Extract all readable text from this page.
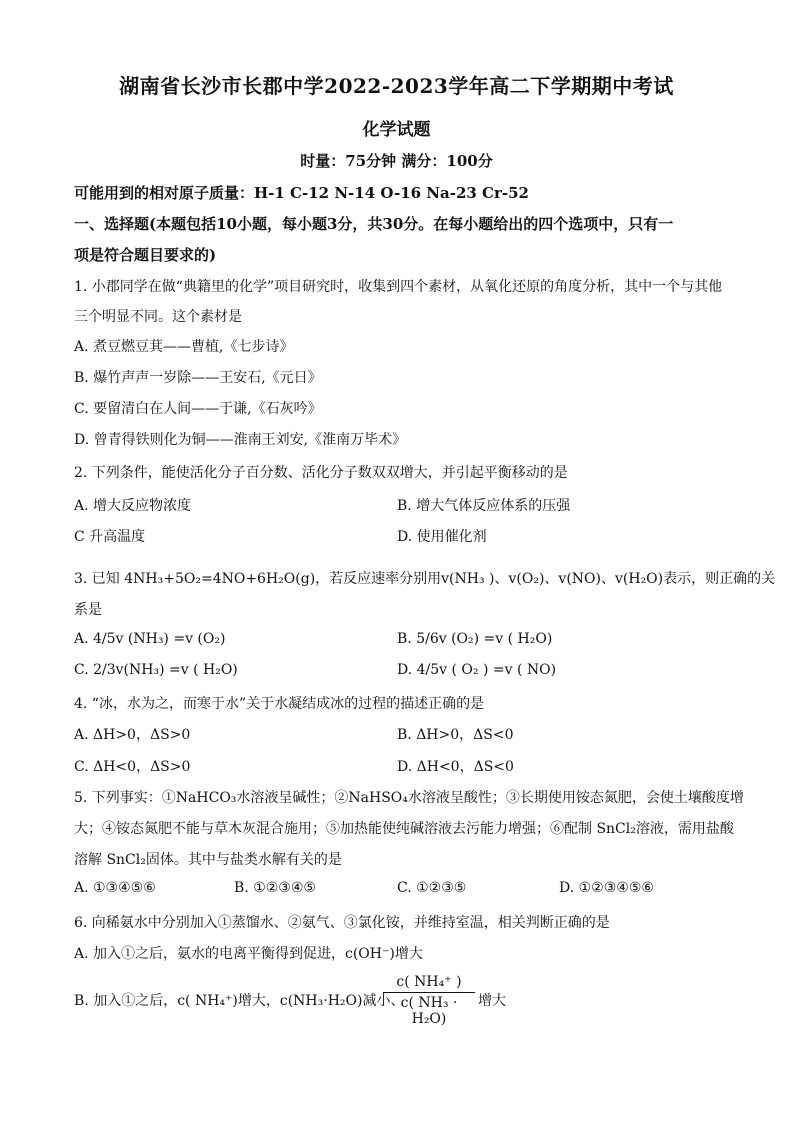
湖南省长沙市长郡中学2022-2023学年高二下学期期中考试
化学试题
时量：75分钟 满分：100分
可能用到的相对原子质量：H-1 C-12 N-14 O-16 Na-23 Cr-52
一、选择题(本题包括10小题，每小题3分，共30分。在每小题给出的四个选项中，只有一
项是符合题目要求的)
1. 小郡同学在做“典籍里的化学”项目研究时，收集到四个素材，从氧化还原的角度分析，其中一个与其他
三个明显不同。这个素材是
A. 煮豆燃豆萁——曹植,《七步诗》
B. 爆竹声声一岁除——王安石,《元日》
C. 要留清白在人间——于谦,《石灰吟》
D. 曾青得铁则化为铜——淮南王刘安,《淮南万毕术》
2. 下列条件，能使活化分子百分数、活化分子数双双增大，并引起平衡移动的是
A. 增大反应物浓度	B. 增大气体反应体系的压强
C 升高温度	D. 使用催化剂
3. 已知 4NH₃+5O₂=4NO+6H₂O(g)，若反应速率分别用v(NH₃ )、v(O₂)、v(NO)、v(H₂O)表示，则正确的关
系是
A. 4/5v (NH₃) =v (O₂)	B. 5/6v (O₂) =v ( H₂O)
C. 2/3v(NH₃) =v ( H₂O)	D. 4/5v ( O₂ ) =v ( NO)
4. “冰，水为之，而寒于水”关于水凝结成冰的过程的描述正确的是
A. ΔH>0，ΔS>0	B. ΔH>0，ΔS<0
C. ΔH<0，ΔS>0	D. ΔH<0，ΔS<0
5. 下列事实：①NaHCO₃水溶液呈碱性；②NaHSO₄水溶液呈酸性；③长期使用铵态氮肥，会使土壤酸度增
大；④铵态氮肥不能与草木灰混合施用；⑤加热能使纯碱溶液去污能力增强；⑥配制 SnCl₂溶液，需用盐酸
溶解 SnCl₂固体。其中与盐类水解有关的是
A. ①③④⑤⑥	B. ①②③④⑤	C. ①②③⑤	D. ①②③④⑤⑥
6. 向稀氨水中分别加入①蒸馏水、②氨气、③氯化铵，并维持室温，相关判断正确的是
A. 加入①之后，氨水的电离平衡得到促进，c(OH⁻)增大
B. 加入①之后，c( NH₄⁺)增大，c(NH₃·H₂O)减小、
$\frac{\text{c( NH₄⁺ )}}{\text{c( NH₃ · H₂O)}}$ 增大
